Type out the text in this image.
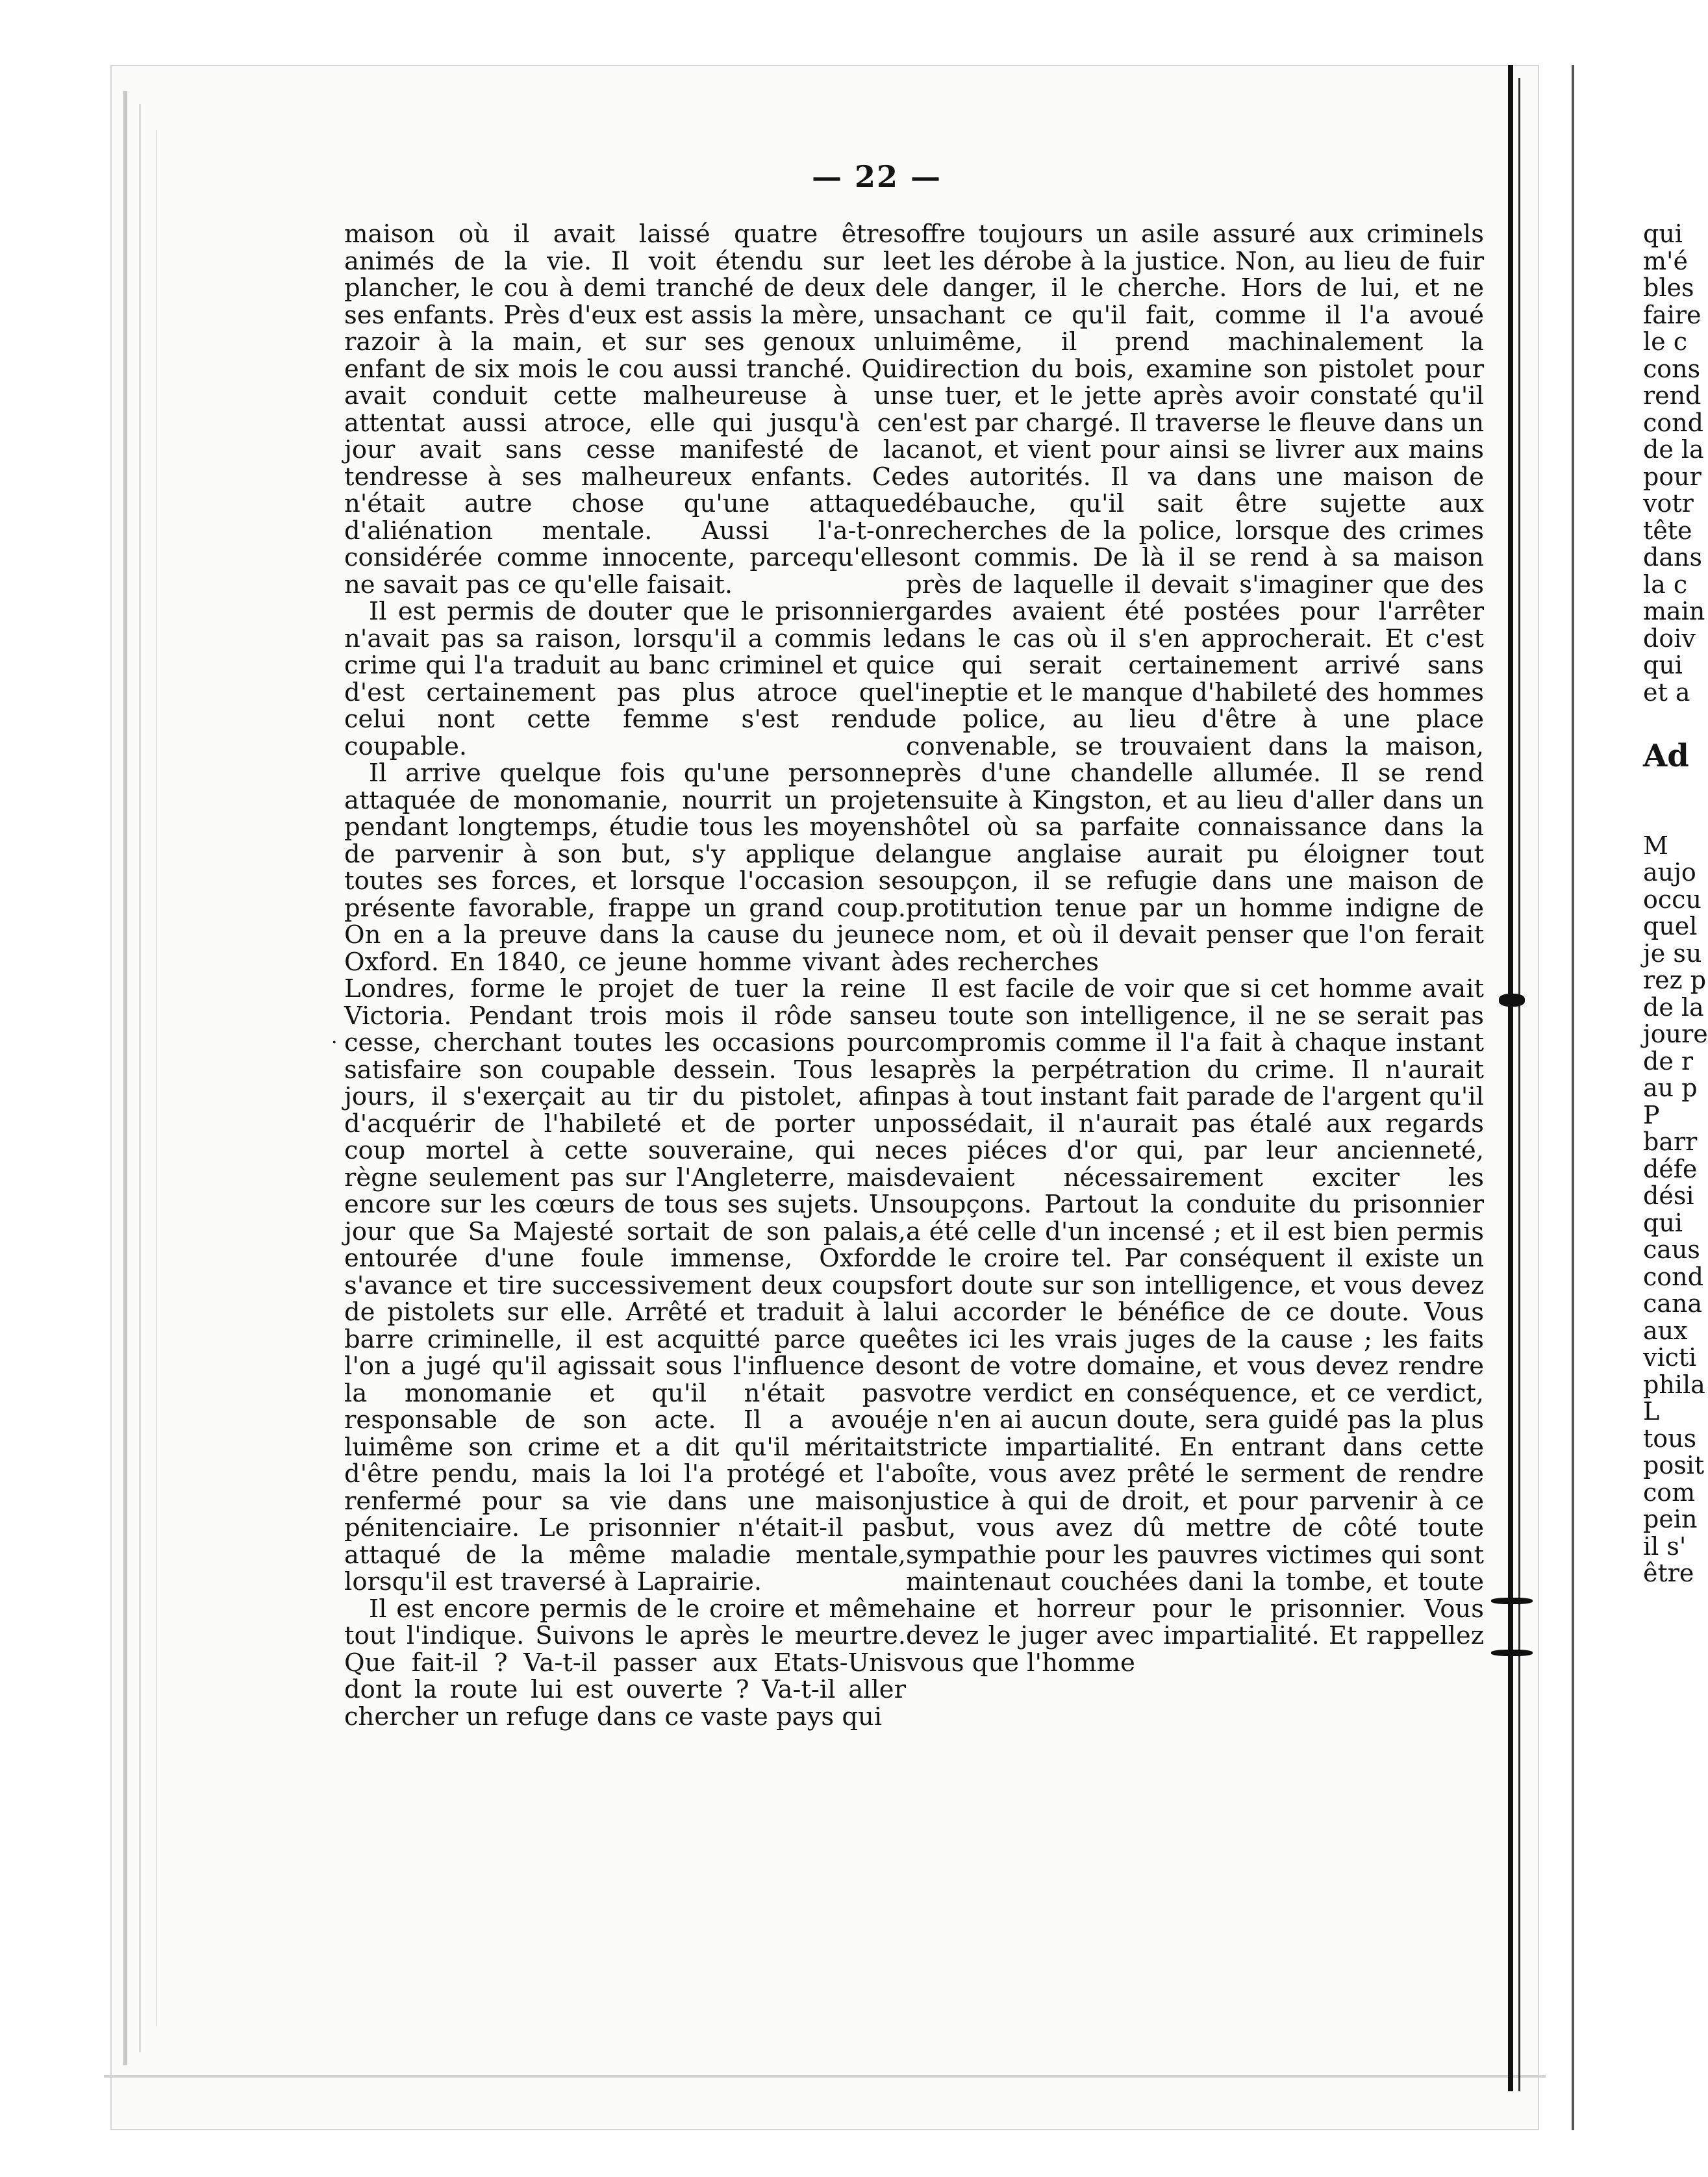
·
— 22 —

maison où il avait laissé quatre êtres animés de la vie. Il voit étendu sur le plancher, le cou à demi tranché de deux de ses enfants. Près d'eux est assis la mère, un razoir à la main, et sur ses genoux un enfant de six mois le cou aussi tranché. Qui avait conduit cette malheureuse à un attentat aussi atroce, elle qui jusqu'à ce jour avait sans cesse manifesté de la tendresse à ses malheureux enfants. Ce n'était autre chose qu'une attaque d'aliénation mentale. Aussi l'a-t-on considérée comme innocente, parcequ'elle ne savait pas ce qu'elle faisait.

Il est permis de douter que le prisonnier n'avait pas sa raison, lorsqu'il a commis le crime qui l'a traduit au banc criminel et qui d'est certainement pas plus atroce que celui nont cette femme s'est rendu coupable.

Il arrive quelque fois qu'une personne attaquée de monomanie, nourrit un projet pendant longtemps, étudie tous les moyens de parvenir à son but, s'y applique de toutes ses forces, et lorsque l'occasion se présente favorable, frappe un grand coup. On en a la preuve dans la cause du jeune Oxford. En 1840, ce jeune homme vivant à Londres, forme le projet de tuer la reine Victoria. Pendant trois mois il rôde sans cesse, cherchant toutes les occasions pour satisfaire son coupable dessein. Tous les jours, il s'exerçait au tir du pistolet, afin d'acquérir de l'habileté et de porter un coup mortel à cette souveraine, qui ne règne seulement pas sur l'Angleterre, mais encore sur les cœurs de tous ses sujets. Un jour que Sa Majesté sortait de son palais, entourée d'une foule immense, Oxford s'avance et tire successivement deux coups de pistolets sur elle. Arrêté et traduit à la barre criminelle, il est acquitté parce que l'on a jugé qu'il agissait sous l'influence de la monomanie et qu'il n'était pas responsable de son acte. Il a avoué luimême son crime et a dit qu'il méritait d'être pendu, mais la loi l'a protégé et l'a renfermé pour sa vie dans une maison pénitenciaire. Le prisonnier n'était-il pas attaqué de la même maladie mentale, lorsqu'il est traversé à Laprairie.

Il est encore permis de le croire et même tout l'indique. Suivons le après le meurtre. Que fait-il ? Va-t-il passer aux Etats-Unis dont la route lui est ouverte ? Va-t-il aller chercher un refuge dans ce vaste pays qui

offre toujours un asile assuré aux criminels et les dérobe à la justice. Non, au lieu de fuir le danger, il le cherche. Hors de lui, et ne sachant ce qu'il fait, comme il l'a avoué luimême, il prend machinalement la direction du bois, examine son pistolet pour se tuer, et le jette après avoir constaté qu'il n'est par chargé. Il traverse le fleuve dans un canot, et vient pour ainsi se livrer aux mains des autorités. Il va dans une maison de débauche, qu'il sait être sujette aux recherches de la police, lorsque des crimes sont commis. De là il se rend à sa maison près de laquelle il devait s'imaginer que des gardes avaient été postées pour l'arrêter dans le cas où il s'en approcherait. Et c'est ce qui serait certainement arrivé sans l'ineptie et le manque d'habileté des hommes de police, au lieu d'être à une place convenable, se trouvaient dans la maison, près d'une chandelle allumée. Il se rend ensuite à Kingston, et au lieu d'aller dans un hôtel où sa parfaite connaissance dans la langue anglaise aurait pu éloigner tout soupçon, il se refugie dans une maison de protitution tenue par un homme indigne de ce nom, et où il devait penser que l'on ferait des recherches

Il est facile de voir que si cet homme avait eu toute son intelligence, il ne se serait pas compromis comme il l'a fait à chaque instant après la perpétration du crime. Il n'aurait pas à tout instant fait parade de l'argent qu'il possédait, il n'aurait pas étalé aux regards ces piéces d'or qui, par leur ancienneté, devaient nécessairement exciter les soupçons. Partout la conduite du prisonnier a été celle d'un incensé ; et il est bien permis de le croire tel. Par conséquent il existe un fort doute sur son intelligence, et vous devez lui accorder le bénéfice de ce doute. Vous êtes ici les vrais juges de la cause ; les faits sont de votre domaine, et vous devez rendre votre verdict en conséquence, et ce verdict, je n'en ai aucun doute, sera guidé pas la plus stricte impartialité. En entrant dans cette boîte, vous avez prêté le serment de rendre justice à qui de droit, et pour parvenir à ce but, vous avez dû mettre de côté toute sympathie pour les pauvres victimes qui sont maintenaut couchées dani la tombe, et toute haine et horreur pour le prisonnier. Vous devez le juger avec impartialité. Et rappellez vous que l'homme

qui
m'é
bles
faire
le c
cons
rend
cond
de la
pour
votr
tête
dans
la c
main
doiv
qui
et a
Ad
M
aujo
occu
quel
je su
rez p
de la
joure
de r
au p
P
barr
défe
dési
qui
caus
cond
cana
aux
victi
phila
L
tous
posit
com
pein
il s'
être
